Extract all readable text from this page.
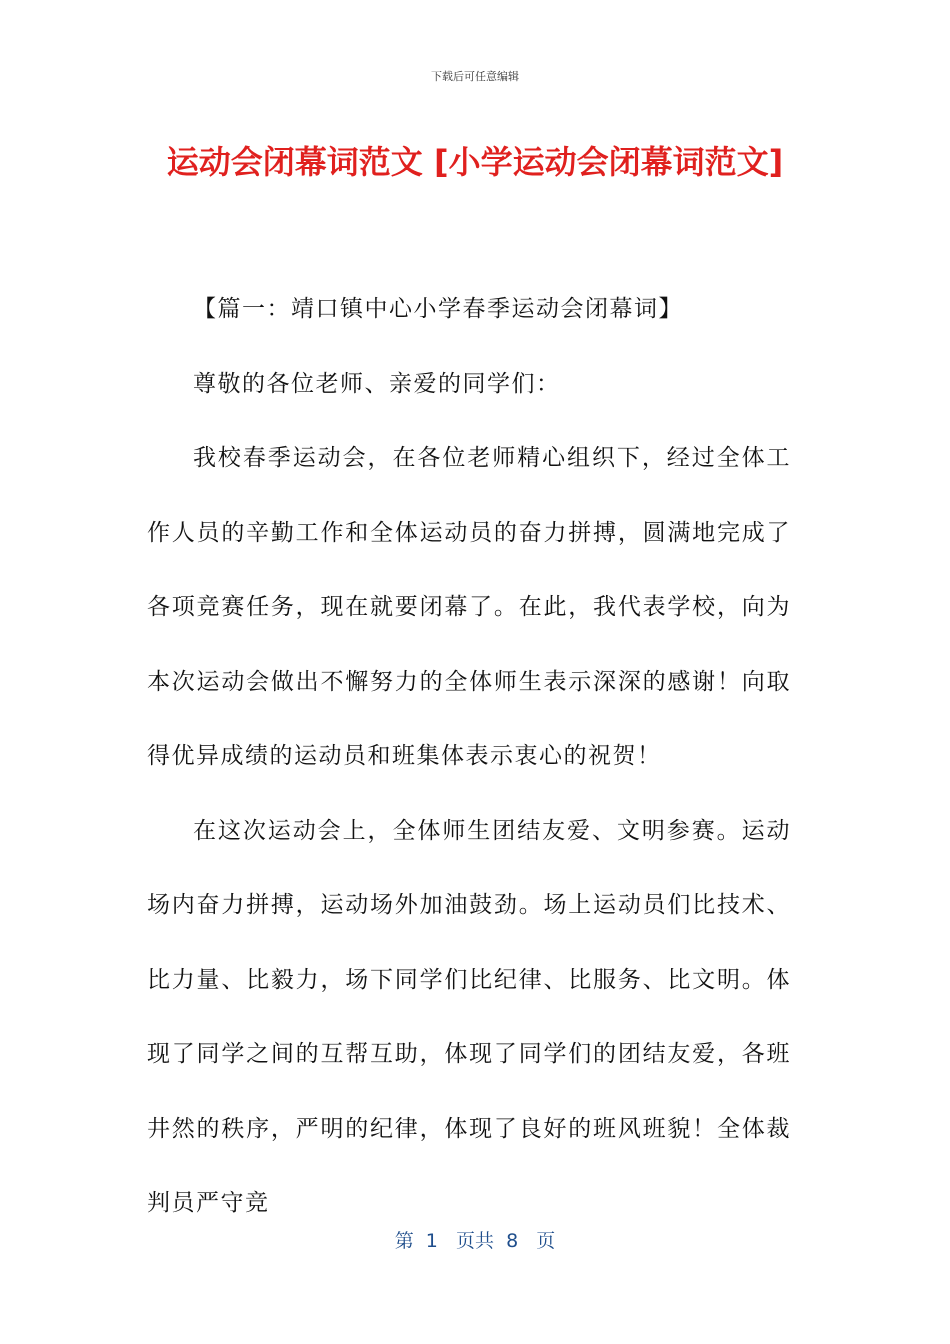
下载后可任意编辑
运动会闭幕词范文 [小学运动会闭幕词范文]

【篇一：靖口镇中心小学春季运动会闭幕词】

尊敬的各位老师、亲爱的同学们：

我校春季运动会，在各位老师精心组织下，经过全体工作人员的辛勤工作和全体运动员的奋力拼搏，圆满地完成了各项竞赛任务，现在就要闭幕了。在此，我代表学校，向为本次运动会做出不懈努力的全体师生表示深深的感谢！向取得优异成绩的运动员和班集体表示衷心的祝贺！

在这次运动会上，全体师生团结友爱、文明参赛。运动场内奋力拼搏，运动场外加油鼓劲。场上运动员们比技术、比力量、比毅力，场下同学们比纪律、比服务、比文明。体现了同学之间的互帮互助，体现了同学们的团结友爱，各班井然的秩序，严明的纪律，体现了良好的班风班貌！全体裁判员严守竞

第  1   页共  8   页
